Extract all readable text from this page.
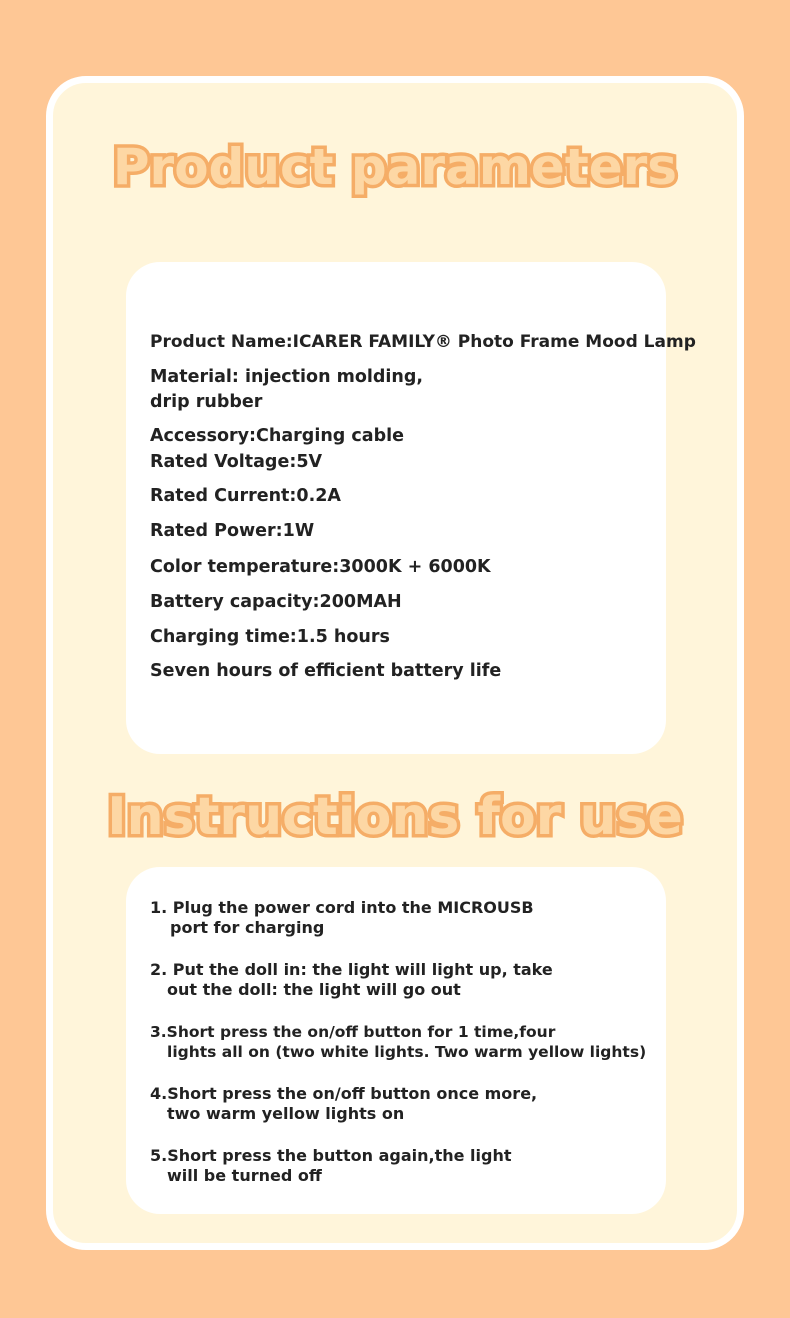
Product parameters
Product Name:ICARER FAMILY® Photo Frame Mood Lamp
Material: injection molding,
drip rubber
Accessory:Charging cable
Rated Voltage:5V
Rated Current:0.2A
Rated Power:1W
Color temperature:3000K + 6000K
Battery capacity:200MAH
Charging time:1.5 hours
Seven hours of efficient battery life
Instructions for use
1. Plug the power cord into the MICROUSB
port for charging
2. Put the doll in: the light will light up, take
out the doll: the light will go out
3.Short press the on/off button for 1 time,four
lights all on (two white lights. Two warm yellow lights)
4.Short press the on/off button once more,
two warm yellow lights on
5.Short press the button again,the light
will be turned off
